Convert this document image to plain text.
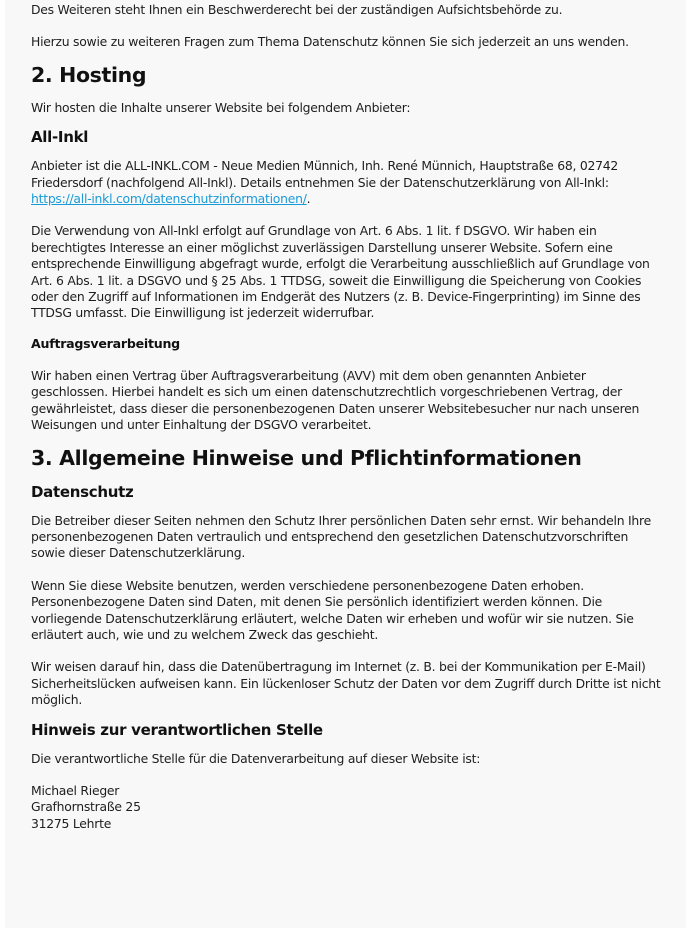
Des Weiteren steht Ihnen ein Beschwerderecht bei der zuständigen Aufsichtsbehörde zu.

Hierzu sowie zu weiteren Fragen zum Thema Datenschutz können Sie sich jederzeit an uns wenden.

2. Hosting

Wir hosten die Inhalte unserer Website bei folgendem Anbieter:

All-Inkl

Anbieter ist die ALL-INKL.COM - Neue Medien Münnich, Inh. René Münnich, Hauptstraße 68, 02742 Friedersdorf (nachfolgend All-Inkl). Details entnehmen Sie der Datenschutzerklärung von All-Inkl: https://all-inkl.com/datenschutzinformationen/.

Die Verwendung von All-Inkl erfolgt auf Grundlage von Art. 6 Abs. 1 lit. f DSGVO. Wir haben ein berechtigtes Interesse an einer möglichst zuverlässigen Darstellung unserer Website. Sofern eine entsprechende Einwilligung abgefragt wurde, erfolgt die Verarbeitung ausschließlich auf Grundlage von Art. 6 Abs. 1 lit. a DSGVO und § 25 Abs. 1 TTDSG, soweit die Einwilligung die Speicherung von Cookies oder den Zugriff auf Informationen im Endgerät des Nutzers (z. B. Device-Fingerprinting) im Sinne des TTDSG umfasst. Die Einwilligung ist jederzeit widerrufbar.

Auftragsverarbeitung

Wir haben einen Vertrag über Auftragsverarbeitung (AVV) mit dem oben genannten Anbieter geschlossen. Hierbei handelt es sich um einen datenschutzrechtlich vorgeschriebenen Vertrag, der gewährleistet, dass dieser die personenbezogenen Daten unserer Websitebesucher nur nach unseren Weisungen und unter Einhaltung der DSGVO verarbeitet.

3. Allgemeine Hinweise und Pflichtinformationen
Datenschutz

Die Betreiber dieser Seiten nehmen den Schutz Ihrer persönlichen Daten sehr ernst. Wir behandeln Ihre personenbezogenen Daten vertraulich und entsprechend den gesetzlichen Datenschutzvorschriften sowie dieser Datenschutzerklärung.

Wenn Sie diese Website benutzen, werden verschiedene personenbezogene Daten erhoben. Personenbezogene Daten sind Daten, mit denen Sie persönlich identifiziert werden können. Die vorliegende Datenschutzerklärung erläutert, welche Daten wir erheben und wofür wir sie nutzen. Sie erläutert auch, wie und zu welchem Zweck das geschieht.

Wir weisen darauf hin, dass die Datenübertragung im Internet (z. B. bei der Kommunikation per E-Mail) Sicherheitslücken aufweisen kann. Ein lückenloser Schutz der Daten vor dem Zugriff durch Dritte ist nicht möglich.

Hinweis zur verantwortlichen Stelle

Die verantwortliche Stelle für die Datenverarbeitung auf dieser Website ist:

Michael Rieger

Grafhornstraße 25

31275 Lehrte
